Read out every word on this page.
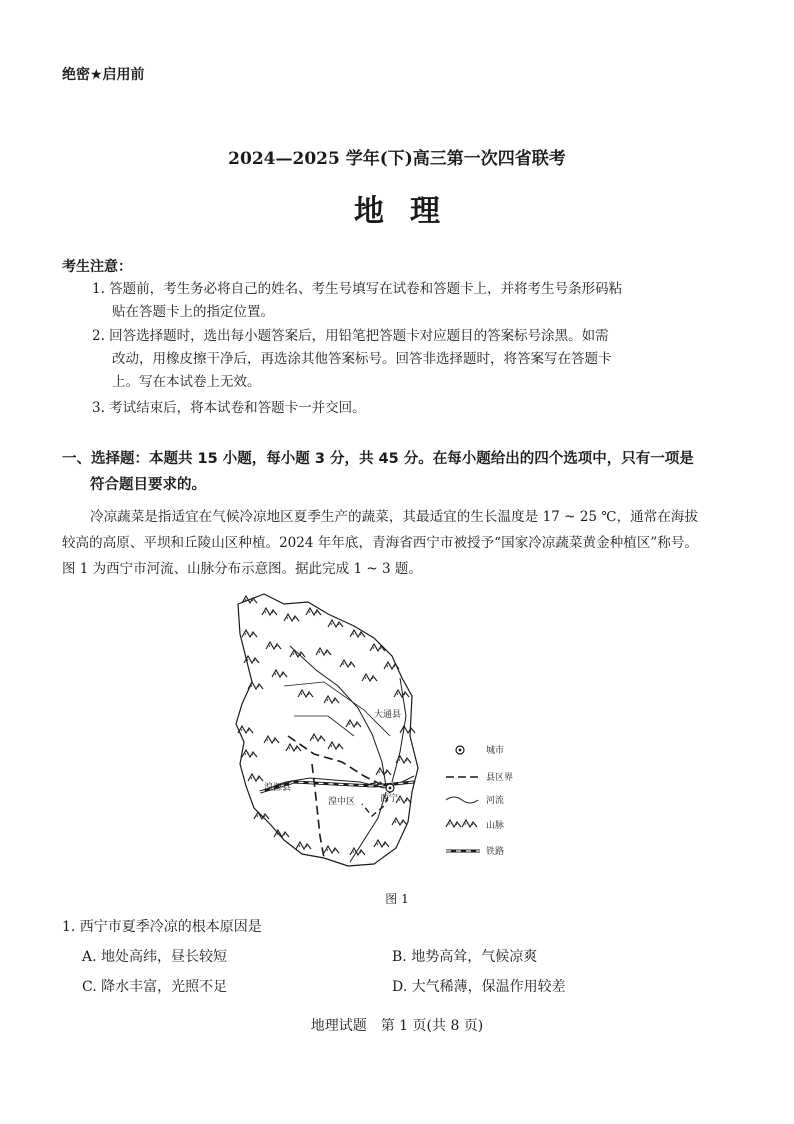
绝密★启用前
2024—2025 学年(下)高三第一次四省联考
地理
考生注意：
1. 答题前，考生务必将自己的姓名、考生号填写在试卷和答题卡上，并将考生号条形码粘
贴在答题卡上的指定位置。
2. 回答选择题时，选出每小题答案后，用铅笔把答题卡对应题目的答案标号涂黑。如需
改动，用橡皮擦干净后，再选涂其他答案标号。回答非选择题时，将答案写在答题卡
上。写在本试卷上无效。
3. 考试结束后，将本试卷和答题卡一并交回。
一、选择题：本题共 15 小题，每小题 3 分，共 45 分。在每小题给出的四个选项中，只有一项是
符合题目要求的。
冷凉蔬菜是指适宜在气候冷凉地区夏季生产的蔬菜，其最适宜的生长温度是 17 ~ 25 ℃，通常在海拔较高的高原、平坝和丘陵山区种植。2024 年年底，青海省西宁市被授予“国家冷凉蔬菜黄金种植区”称号。图 1 为西宁市河流、山脉分布示意图。据此完成 1 ~ 3 题。
大通县
湟源县
湟中区	西宁
城市
县区界
河流
山脉
铁路
图 1
1. 西宁市夏季冷凉的根本原因是
A. 地处高纬，昼长较短	B. 地势高耸，气候凉爽
C. 降水丰富，光照不足	D. 大气稀薄，保温作用较差
地理试题　第 1 页(共 8 页)
